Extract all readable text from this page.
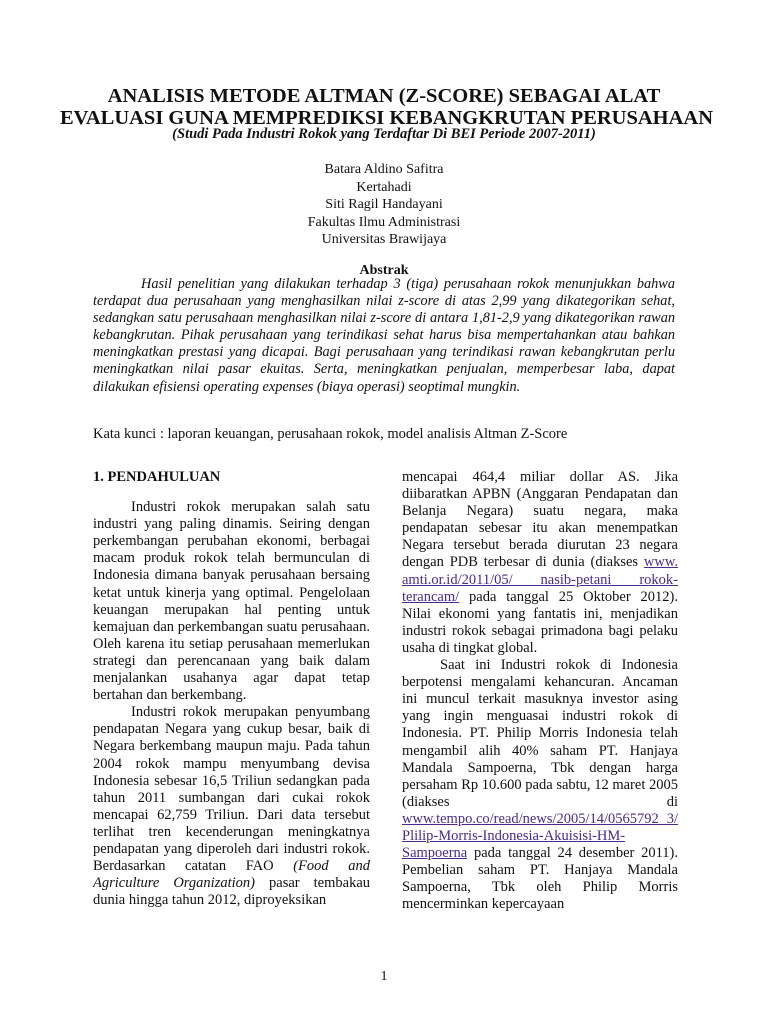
ANALISIS METODE ALTMAN (Z-SCORE) SEBAGAI ALAT
EVALUASI GUNA MEMPREDIKSI KEBANGKRUTAN PERUSAHAAN
(Studi Pada Industri Rokok yang Terdaftar Di BEI Periode 2007-2011)
Batara Aldino Safitra
Kertahadi
Siti Ragil Handayani
Fakultas Ilmu Administrasi
Universitas Brawijaya
Abstrak

Hasil penelitian yang dilakukan terhadap 3 (tiga) perusahaan rokok menunjukkan bahwa terdapat dua perusahaan yang menghasilkan nilai z-score di atas 2,99 yang dikategorikan sehat, sedangkan satu perusahaan menghasilkan nilai z-score di antara 1,81-2,9 yang dikategorikan rawan kebangkrutan. Pihak perusahaan yang terindikasi sehat harus bisa mempertahankan atau bahkan meningkatkan prestasi yang dicapai. Bagi perusahaan yang terindikasi rawan kebangkrutan perlu meningkatkan nilai pasar ekuitas. Serta, meningkatkan penjualan, memperbesar laba, dapat dilakukan efisiensi operating expenses (biaya operasi) seoptimal mungkin.

Kata kunci : laporan keuangan, perusahaan rokok, model analisis Altman Z-Score
1. PENDAHULUAN

Industri rokok merupakan salah satu industri yang paling dinamis. Seiring dengan perkembangan perubahan ekonomi, berbagai macam produk rokok telah bermunculan di Indonesia dimana banyak perusahaan bersaing ketat untuk kinerja yang optimal. Pengelolaan keuangan merupakan hal penting untuk kemajuan dan perkembangan suatu perusahaan. Oleh karena itu setiap perusahaan memerlukan strategi dan perencanaan yang baik dalam menjalankan usahanya agar dapat tetap bertahan dan berkembang.

Industri rokok merupakan penyumbang pendapatan Negara yang cukup besar, baik di Negara berkembang maupun maju. Pada tahun 2004 rokok mampu menyumbang devisa Indonesia sebesar 16,5 Triliun sedangkan pada tahun 2011 sumbangan dari cukai rokok mencapai 62,759 Triliun. Dari data tersebut terlihat tren kecenderungan meningkatnya pendapatan yang diperoleh dari industri rokok. Berdasarkan catatan FAO (Food and Agriculture Organization) pasar tembakau dunia hingga tahun 2012, diproyeksikan

mencapai 464,4 miliar dollar AS. Jika diibaratkan APBN (Anggaran Pendapatan dan Belanja Negara) suatu negara, maka pendapatan sebesar itu akan menempatkan Negara tersebut berada diurutan 23 negara dengan PDB terbesar di dunia (diakses www. amti.or.id/2011/05/ nasib-petani rokok-terancam/ pada tanggal 25 Oktober 2012). Nilai ekonomi yang fantatis ini, menjadikan industri rokok sebagai primadona bagi pelaku usaha di tingkat global.

Saat ini Industri rokok di Indonesia berpotensi mengalami kehancuran. Ancaman ini muncul terkait masuknya investor asing yang ingin menguasai industri rokok di Indonesia. PT. Philip Morris Indonesia telah mengambil alih 40% saham PT. Hanjaya Mandala Sampoerna, Tbk dengan harga persaham Rp 10.600 pada sabtu, 12 maret 2005 (diakses di www.tempo.co/read/news/2005/14/0565792 3/ Plilip-Morris-Indonesia-Akuisisi-HM-Sampoerna pada tanggal 24 desember 2011). Pembelian saham PT. Hanjaya Mandala Sampoerna, Tbk oleh Philip Morris mencerminkan kepercayaan

1
